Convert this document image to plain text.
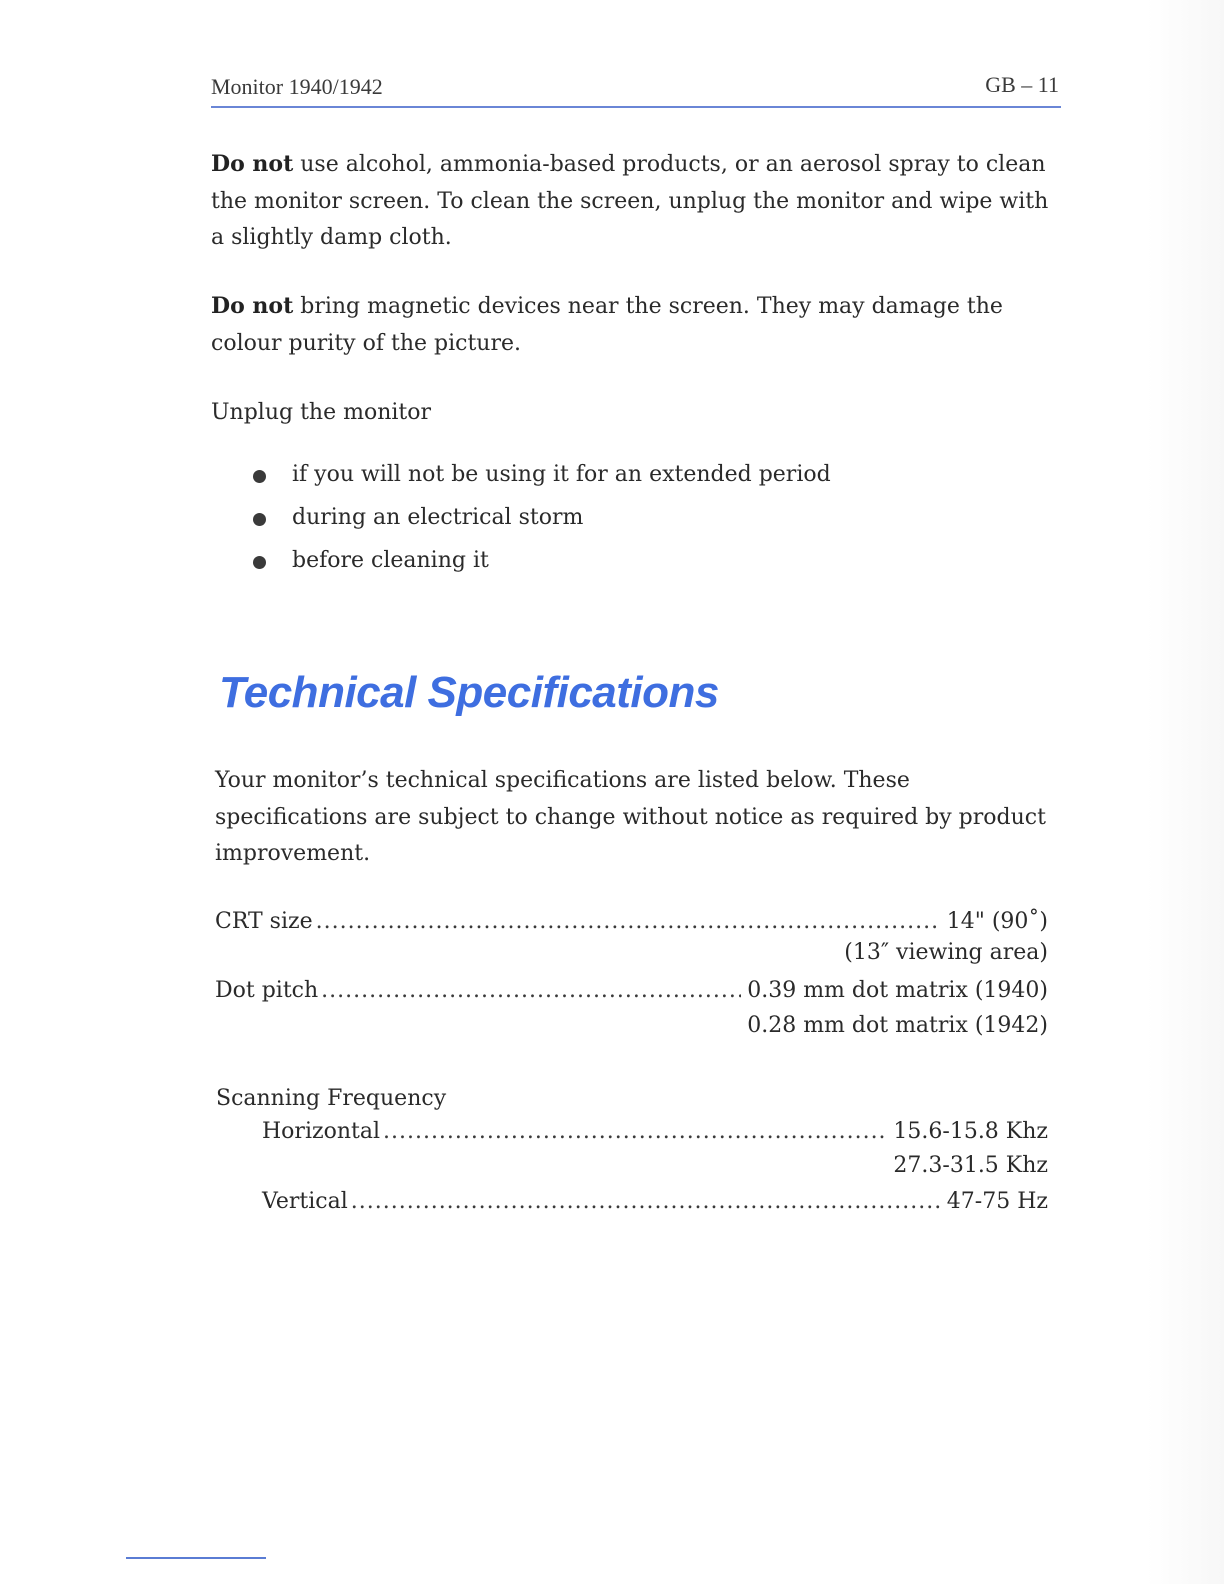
Monitor 1940/1942	GB – 11

Do not use alcohol, ammonia-based products, or an aerosol spray to clean the monitor screen. To clean the screen, unplug the monitor and wipe with a slightly damp cloth.

Do not bring magnetic devices near the screen. They may damage the colour purity of the picture.

Unplug the monitor

if you will not be using it for an extended period
during an electrical storm
before cleaning it
Technical Specifications

Your monitor’s technical specifications are listed below. These specifications are subject to change without notice as required by product improvement.

CRT size .....	14" (90˚)
(13″ viewing area)
Dot pitch .....	0.39 mm dot matrix (1940)
0.28 mm dot matrix (1942)
Scanning Frequency
Horizontal .....	15.6-15.8 Khz
27.3-31.5 Khz
Vertical .....	47-75 Hz
